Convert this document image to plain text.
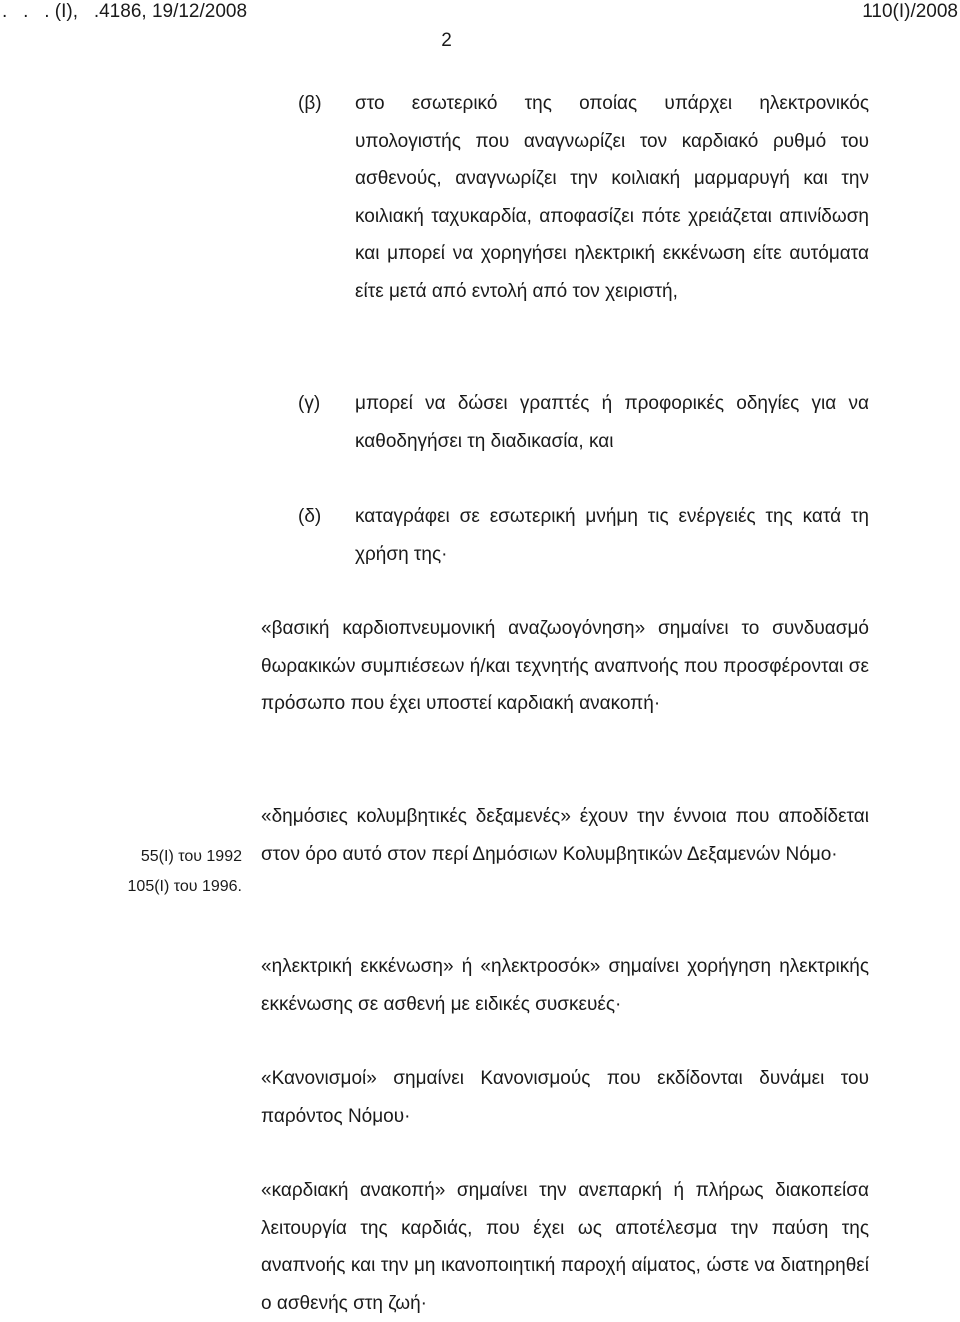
.   .   . (Ι),   .4186, 19/12/2008	110(Ι)/2008
2
(β) στο εσωτερικό της οποίας υπάρχει ηλεκτρονικός υπολογιστής που αναγνωρίζει τον καρδιακό ρυθμό του ασθενούς, αναγνωρίζει την κοιλιακή μαρμαρυγή και την κοιλιακή ταχυκαρδία, αποφασίζει πότε χρειάζεται απινίδωση και μπορεί να χορηγήσει ηλεκτρική εκκένωση είτε αυτόματα είτε μετά από εντολή από τον χειριστή,
(γ) μπορεί να δώσει γραπτές ή προφορικές οδηγίες για να καθοδηγήσει τη διαδικασία, και
(δ) καταγράφει σε εσωτερική μνήμη τις ενέργειές της κατά τη χρήση της·
«βασική καρδιοπνευμονική αναζωογόνηση» σημαίνει το συνδυασμό θωρακικών συμπιέσεων ή/και τεχνητής αναπνοής που προσφέρονται σε πρόσωπο που έχει υποστεί καρδιακή ανακοπή·
«δημόσιες κολυμβητικές δεξαμενές» έχουν την έννοια που αποδίδεται στον όρο αυτό στον περί Δημόσιων Κολυμβητικών Δεξαμενών Νόμο·
55(Ι) του 1992
105(Ι) του 1996.
«ηλεκτρική εκκένωση» ή «ηλεκτροσόκ» σημαίνει χορήγηση ηλεκτρικής εκκένωσης σε ασθενή με ειδικές συσκευές·
«Κανονισμοί» σημαίνει Κανονισμούς που εκδίδονται δυνάμει του παρόντος Νόμου·
«καρδιακή ανακοπή» σημαίνει την ανεπαρκή ή πλήρως διακοπείσα λειτουργία της καρδιάς, που έχει ως αποτέλεσμα την παύση της αναπνοής και την μη ικανοποιητική παροχή αίματος, ώστε να διατηρηθεί ο ασθενής στη ζωή·
